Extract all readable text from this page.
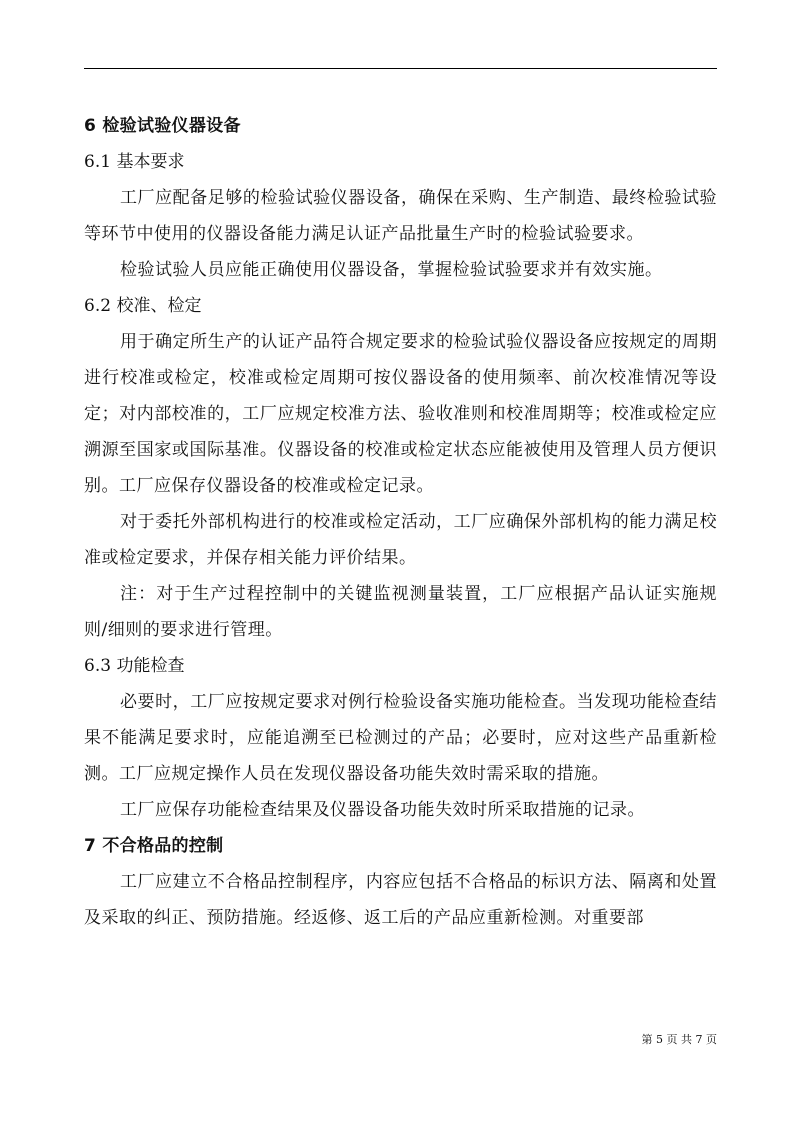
6 检验试验仪器设备
6.1 基本要求

工厂应配备足够的检验试验仪器设备，确保在采购、生产制造、最终检验试验等环节中使用的仪器设备能力满足认证产品批量生产时的检验试验要求。

检验试验人员应能正确使用仪器设备，掌握检验试验要求并有效实施。

6.2 校准、检定

用于确定所生产的认证产品符合规定要求的检验试验仪器设备应按规定的周期进行校准或检定，校准或检定周期可按仪器设备的使用频率、前次校准情况等设定；对内部校准的，工厂应规定校准方法、验收准则和校准周期等；校准或检定应溯源至国家或国际基准。仪器设备的校准或检定状态应能被使用及管理人员方便识别。工厂应保存仪器设备的校准或检定记录。

对于委托外部机构进行的校准或检定活动，工厂应确保外部机构的能力满足校准或检定要求，并保存相关能力评价结果。

注：对于生产过程控制中的关键监视测量装置，工厂应根据产品认证实施规则/细则的要求进行管理。

6.3 功能检查

必要时，工厂应按规定要求对例行检验设备实施功能检查。当发现功能检查结果不能满足要求时，应能追溯至已检测过的产品；必要时，应对这些产品重新检测。工厂应规定操作人员在发现仪器设备功能失效时需采取的措施。

工厂应保存功能检查结果及仪器设备功能失效时所采取措施的记录。

7 不合格品的控制

工厂应建立不合格品控制程序，内容应包括不合格品的标识方法、隔离和处置及采取的纠正、预防措施。经返修、返工后的产品应重新检测。对重要部

第 5 页 共 7 页
